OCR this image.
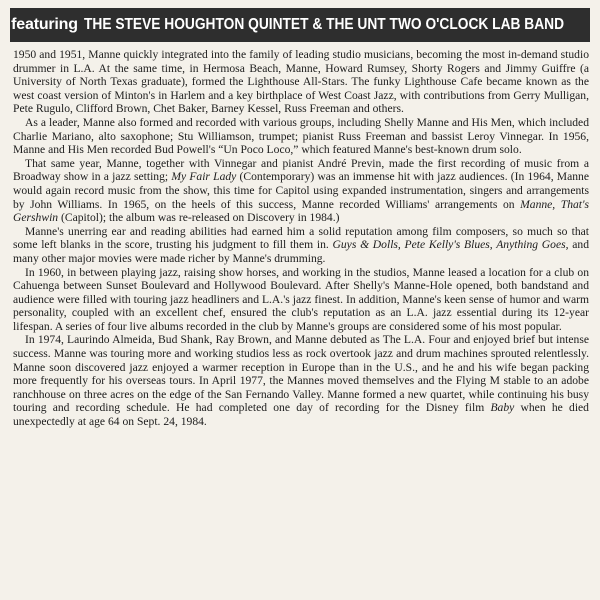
featuring THE STEVE HOUGHTON QUINTET & THE UNT TWO O'CLOCK LAB BAND

1950 and 1951, Manne quickly integrated into the family of leading studio musicians, becoming the most in-demand studio drummer in L.A. At the same time, in Hermosa Beach, Manne, Howard Rumsey, Shorty Rogers and Jimmy Guiffre (a University of North Texas graduate), formed the Lighthouse All-Stars. The funky Lighthouse Cafe became known as the west coast version of Minton's in Harlem and a key birthplace of West Coast Jazz, with contributions from Gerry Mulligan, Pete Rugulo, Clifford Brown, Chet Baker, Barney Kessel, Russ Freeman and others.

As a leader, Manne also formed and recorded with various groups, including Shelly Manne and His Men, which included Charlie Mariano, alto saxophone; Stu Williamson, trumpet; pianist Russ Freeman and bassist Leroy Vinnegar. In 1956, Manne and His Men recorded Bud Powell's “Un Poco Loco,” which featured Manne's best-known drum solo.

That same year, Manne, together with Vinnegar and pianist André Previn, made the first recording of music from a Broadway show in a jazz setting; My Fair Lady (Contemporary) was an immense hit with jazz audiences. (In 1964, Manne would again record music from the show, this time for Capitol using expanded instrumentation, singers and arrangements by John Williams. In 1965, on the heels of this success, Manne recorded Williams' arrangements on Manne, That's Gershwin (Capitol); the album was re-released on Discovery in 1984.)

Manne's unerring ear and reading abilities had earned him a solid reputation among film composers, so much so that some left blanks in the score, trusting his judgment to fill them in. Guys & Dolls, Pete Kelly's Blues, Anything Goes, and many other major movies were made richer by Manne's drumming.

In 1960, in between playing jazz, raising show horses, and working in the studios, Manne leased a location for a club on Cahuenga between Sunset Boulevard and Hollywood Boulevard. After Shelly's Manne-Hole opened, both bandstand and audience were filled with touring jazz headliners and L.A.'s jazz finest. In addition, Manne's keen sense of humor and warm personality, coupled with an excellent chef, ensured the club's reputation as an L.A. jazz essential during its 12-year lifespan. A series of four live albums recorded in the club by Manne's groups are considered some of his most popular.

In 1974, Laurindo Almeida, Bud Shank, Ray Brown, and Manne debuted as The L.A. Four and enjoyed brief but intense success. Manne was touring more and working studios less as rock overtook jazz and drum machines sprouted relentlessly. Manne soon discovered jazz enjoyed a warmer reception in Europe than in the U.S., and he and his wife began packing more frequently for his overseas tours. In April 1977, the Mannes moved themselves and the Flying M stable to an adobe ranchhouse on three acres on the edge of the San Fernando Valley. Manne formed a new quartet, while continuing his busy touring and recording schedule. He had completed one day of recording for the Disney film Baby when he died unexpectedly at age 64 on Sept. 24, 1984.
